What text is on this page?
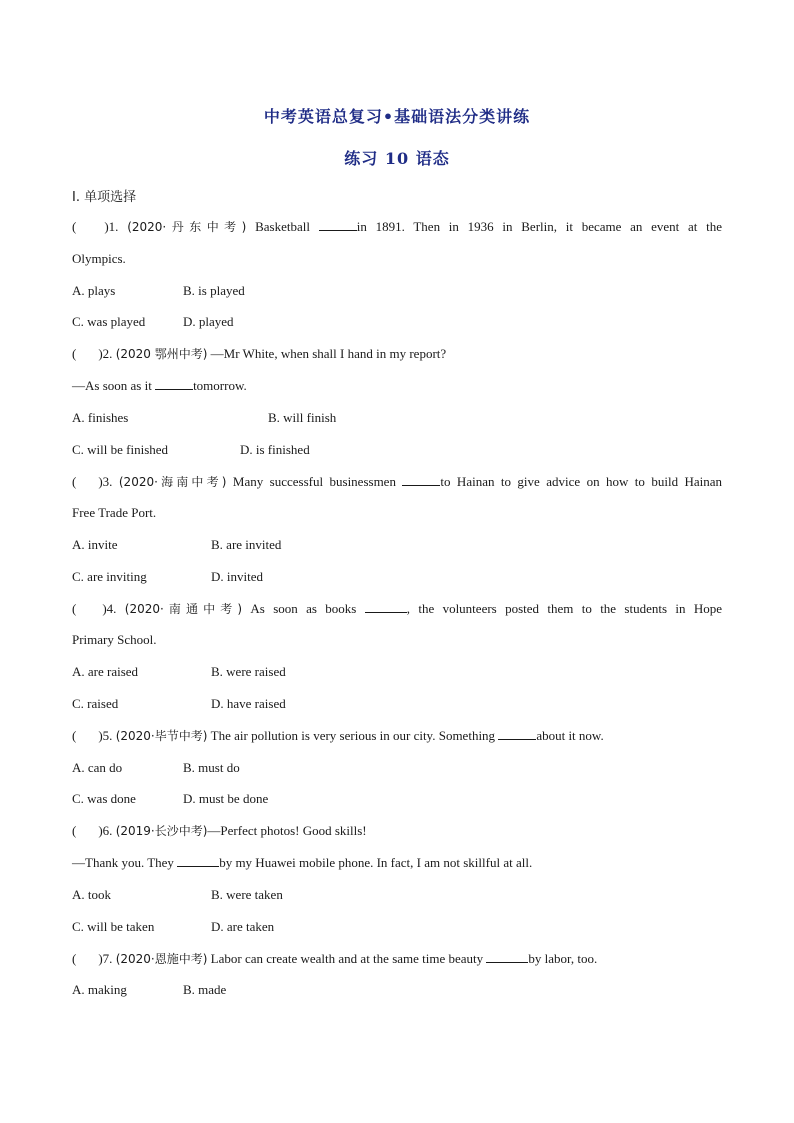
中考英语总复习•基础语法分类讲练
练习 10 语态
Ⅰ. 单项选择
( )1. (2020·丹东中考) Basketball	in 1891. Then in 1936 in Berlin, it became an event at the
Olympics.
A. plays	B. is played
C. was played	D. played
( )2. (2020 鄂州中考) —Mr White, when shall I hand in my report?
—As soon as it	tomorrow.
A. finishes	B. will finish
C. will be finished	D. is finished
( )3. (2020·海南中考) Many successful businessmen	to Hainan to give advice on how to build Hainan
Free Trade Port.
A. invite	B. are invited
C. are inviting	D. invited
( )4. (2020·南通中考) As soon as books	, the volunteers posted them to the students in Hope
Primary School.
A. are raised	B. were raised
C. raised	D. have raised
( )5. (2020·毕节中考) The air pollution is very serious in our city. Something	about it now.
A. can do	B. must do
C. was done	D. must be done
( )6. (2019·长沙中考)—Perfect photos! Good skills!
—Thank you. They	by my Huawei mobile phone. In fact, I am not skillful at all.
A. took	B. were taken
C. will be taken	D. are taken
( )7. (2020·恩施中考) Labor can create wealth and at the same time beauty	by labor, too.
A. making	B. made
